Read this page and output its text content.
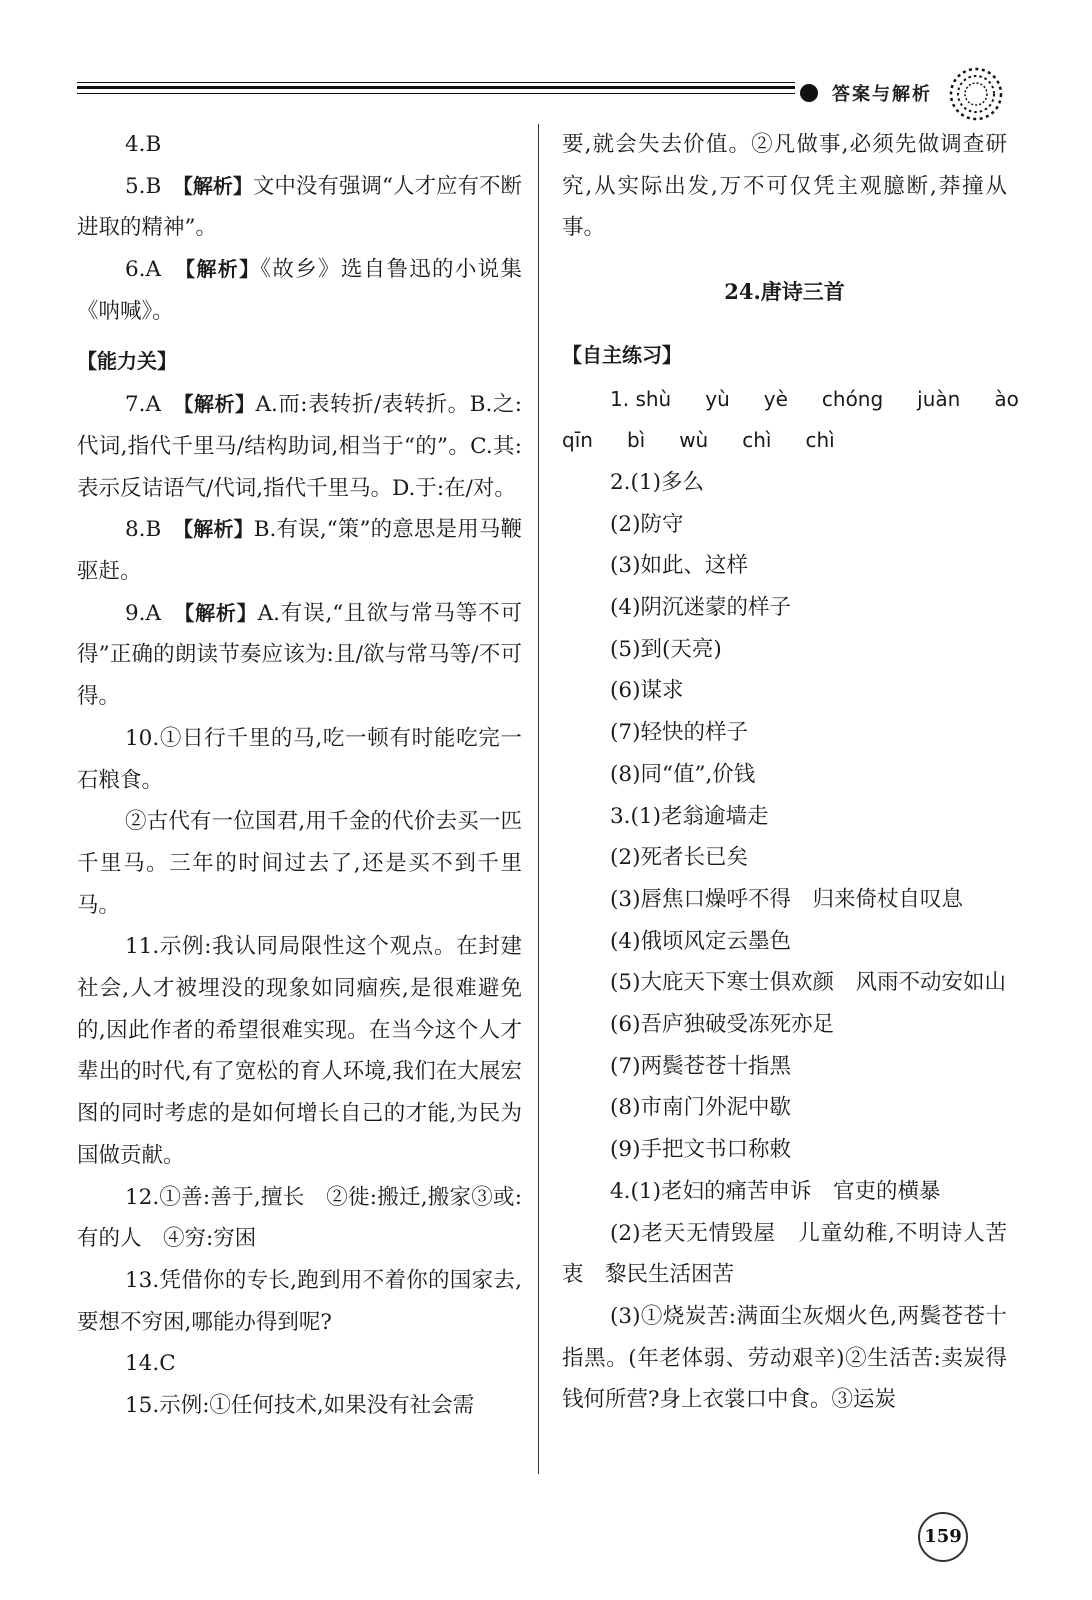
答案与解析

4.B

5.B　 【解析】文中没有强调“人才应有不断进取的精神”。

6.A　 【解析】《故乡》选自鲁迅的小说集《呐喊》。

【能力关】

7.A　 【解析】A.而:表转折/表转折。B.之:代词,指代千里马/结构助词,相当于“的”。C.其:表示反诘语气/代词,指代千里马。D.于:在/对。

8.B　 【解析】B.有误,“策”的意思是用马鞭驱赶。

9.A　 【解析】A.有误,“且欲与常马等不可得”正确的朗读节奏应该为:且/欲与常马等/不可得。

10.①日行千里的马,吃一顿有时能吃完一石粮食。

②古代有一位国君,用千金的代价去买一匹千里马。三年的时间过去了,还是买不到千里马。

11.示例:我认同局限性这个观点。在封建社会,人才被埋没的现象如同痼疾,是很难避免的,因此作者的希望很难实现。在当今这个人才辈出的时代,有了宽松的育人环境,我们在大展宏图的同时考虑的是如何增长自己的才能,为民为国做贡献。

12.①善:善于,擅长　②徙:搬迁,搬家③或:有的人　④穷:穷困

13.凭借你的专长,跑到用不着你的国家去,要想不穷困,哪能办得到呢?

14.C

15.示例:①任何技术,如果没有社会需

要,就会失去价值。②凡做事,必须先做调查研究,从实际出发,万不可仅凭主观臆断,莽撞从事。

24.唐诗三首

【自主练习】

1. shù yù yè chóng juàn ào

qīn bì wù chì chì

2.(1)多么

(2)防守

(3)如此、这样

(4)阴沉迷蒙的样子

(5)到(天亮)

(6)谋求

(7)轻快的样子

(8)同“值”,价钱

3.(1)老翁逾墙走

(2)死者长已矣

(3)唇焦口燥呼不得　归来倚杖自叹息

(4)俄顷风定云墨色

(5)大庇天下寒士俱欢颜　风雨不动安如山

(6)吾庐独破受冻死亦足

(7)两鬓苍苍十指黑

(8)市南门外泥中歇

(9)手把文书口称敕

4.(1)老妇的痛苦申诉　官吏的横暴

(2)老天无情毁屋　儿童幼稚,不明诗人苦衷　黎民生活困苦

(3)①烧炭苦:满面尘灰烟火色,两鬓苍苍十指黑。(年老体弱、劳动艰辛)②生活苦:卖炭得钱何所营?身上衣裳口中食。③运炭

159
